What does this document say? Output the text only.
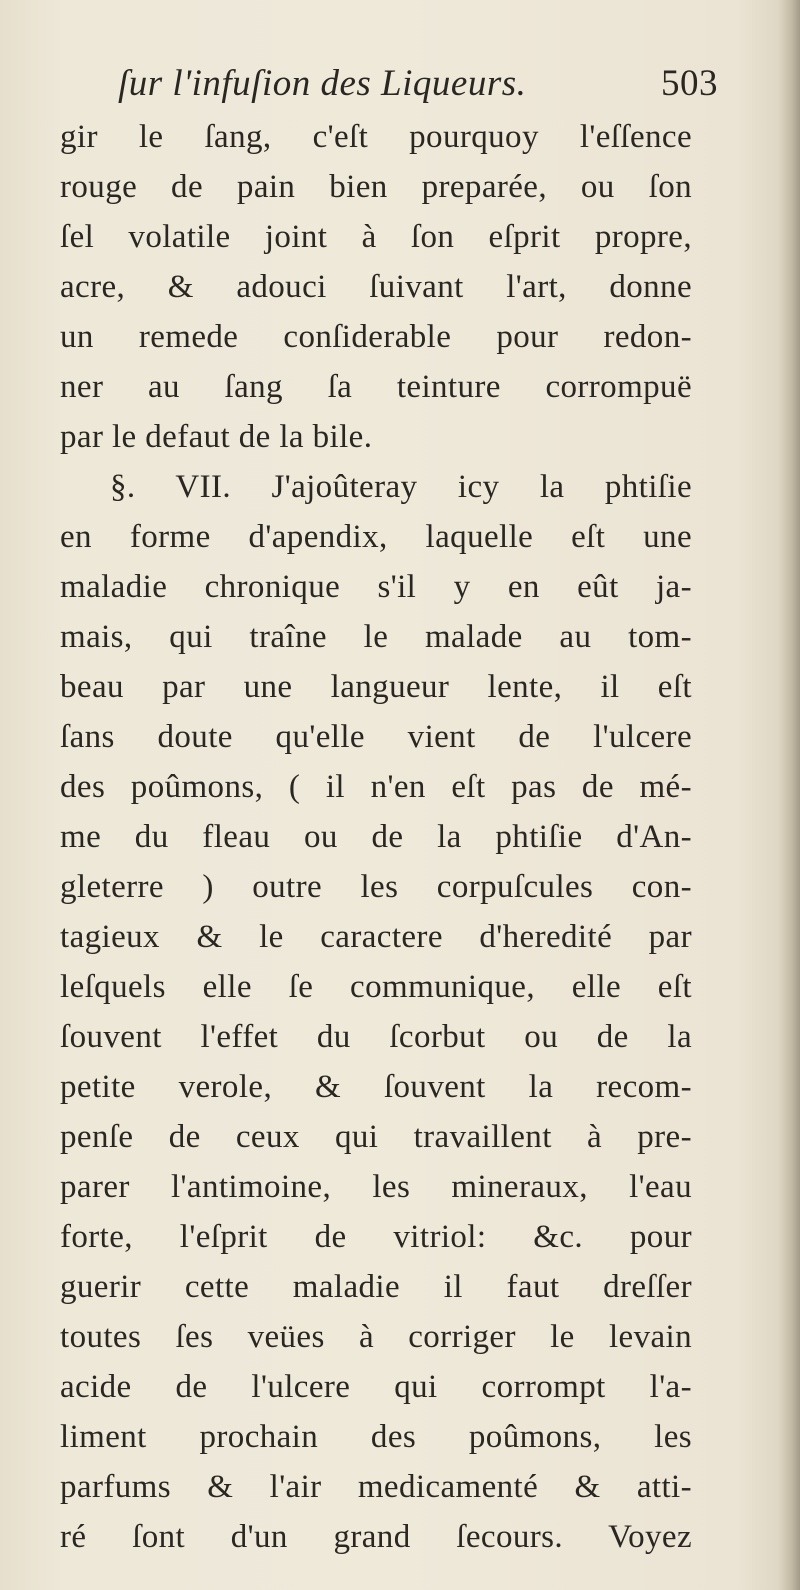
ſur l'infuſion des Liqueurs.	503
gir le ſang, c'eſt pourquoy l'eſſence
rouge de pain bien preparée, ou ſon
ſel volatile joint à ſon eſprit propre,
acre, & adouci ſuivant l'art, donne
un remede conſiderable pour redon-
ner au ſang ſa teinture corrompuë
par le defaut de la bile.
§. VII. J'ajoûteray icy la phtiſie
en forme d'apendix, laquelle eſt une
maladie chronique s'il y en eût ja-
mais, qui traîne le malade au tom-
beau par une langueur lente, il eſt
ſans doute qu'elle vient de l'ulcere
des poûmons, ( il n'en eſt pas de mé-
me du fleau ou de la phtiſie d'An-
gleterre ) outre les corpuſcules con-
tagieux & le caractere d'heredité par
leſquels elle ſe communique, elle eſt
ſouvent l'effet du ſcorbut ou de la
petite verole, & ſouvent la recom-
penſe de ceux qui travaillent à pre-
parer l'antimoine, les mineraux, l'eau
forte, l'eſprit de vitriol: &c. pour
guerir cette maladie il faut dreſſer
toutes ſes veües à corriger le levain
acide de l'ulcere qui corrompt l'a-
liment prochain des poûmons, les
parfums & l'air medicamenté & atti-
ré ſont d'un grand ſecours. Voyez
